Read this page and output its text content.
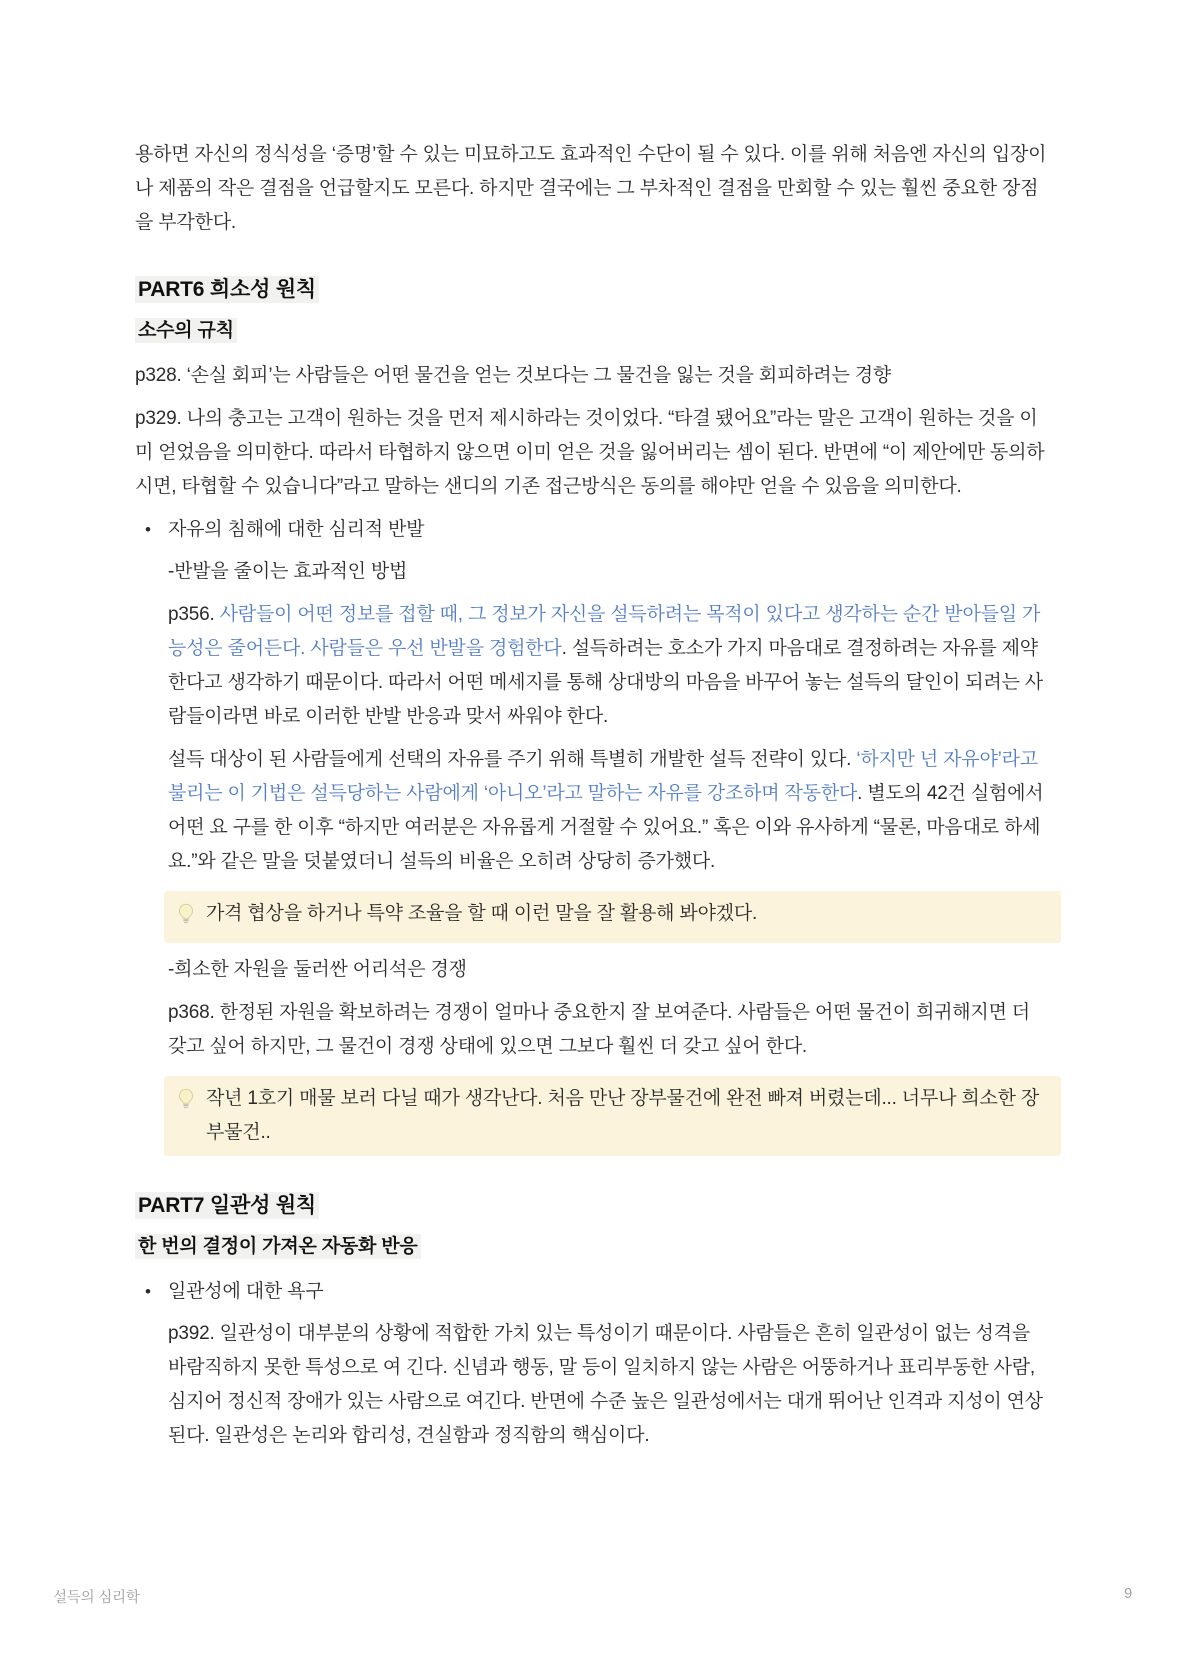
용하면 자신의 정식성을 ‘증명’할 수 있는 미묘하고도 효과적인 수단이 될 수 있다. 이를 위해 처음엔 자신의 입장이나 제품의 작은 결점을 언급할지도 모른다. 하지만 결국에는 그 부차적인 결점을 만회할 수 있는 훨씬 중요한 장점을 부각한다.

PART6 희소성 원칙
소수의 규칙

p328. ‘손실 회피’는 사람들은 어떤 물건을 얻는 것보다는 그 물건을 잃는 것을 회피하려는 경향

p329. 나의 충고는 고객이 원하는 것을 먼저 제시하라는 것이었다. “타결 됐어요”라는 말은 고객이 원하는 것을 이미 얻었음을 의미한다. 따라서 타협하지 않으면 이미 얻은 것을 잃어버리는 셈이 된다. 반면에 “이 제안에만 동의하시면, 타협할 수 있습니다”라고 말하는 샌디의 기존 접근방식은 동의를 해야만 얻을 수 있음을 의미한다.

• 자유의 침해에 대한 심리적 반발

-반발을 줄이는 효과적인 방법

p356. 사람들이 어떤 정보를 접할 때, 그 정보가 자신을 설득하려는 목적이 있다고 생각하는 순간 받아들일 가능성은 줄어든다. 사람들은 우선 반발을 경험한다. 설득하려는 호소가 가지 마음대로 결정하려는 자유를 제약한다고 생각하기 때문이다. 따라서 어떤 메세지를 통해 상대방의 마음을 바꾸어 놓는 설득의 달인이 되려는 사람들이라면 바로 이러한 반발 반응과 맞서 싸워야 한다.

설득 대상이 된 사람들에게 선택의 자유를 주기 위해 특별히 개발한 설득 전략이 있다. ‘하지만 넌 자유야’라고 불리는 이 기법은 설득당하는 사람에게 ‘아니오’라고 말하는 자유를 강조하며 작동한다. 별도의 42건 실험에서 어떤 요 구를 한 이후 “하지만 여러분은 자유롭게 거절할 수 있어요.” 혹은 이와 유사하게 “물론, 마음대로 하세요.”와 같은 말을 덧붙였더니 설득의 비율은 오히려 상당히 증가했다.

가격 협상을 하거나 특약 조율을 할 때 이런 말을 잘 활용해 봐야겠다.

-희소한 자원을 둘러싼 어리석은 경쟁

p368. 한정된 자원을 확보하려는 경쟁이 얼마나 중요한지 잘 보여준다. 사람들은 어떤 물건이 희귀해지면 더 갖고 싶어 하지만, 그 물건이 경쟁 상태에 있으면 그보다 훨씬 더 갖고 싶어 한다.

작년 1호기 매물 보러 다닐 때가 생각난다. 처음 만난 장부물건에 완전 빠져 버렸는데... 너무나 희소한 장부물건..
PART7 일관성 원칙
한 번의 결정이 가져온 자동화 반응
• 일관성에 대한 욕구

p392. 일관성이 대부분의 상황에 적합한 가치 있는 특성이기 때문이다. 사람들은 흔히 일관성이 없는 성격을 바람직하지 못한 특성으로 여 긴다. 신념과 행동, 말 등이 일치하지 않는 사람은 어뚱하거나 표리부동한 사람, 심지어 정신적 장애가 있는 사람으로 여긴다. 반면에 수준 높은 일관성에서는 대개 뛰어난 인격과 지성이 연상된다. 일관성은 논리와 합리성, 견실함과 정직함의 핵심이다.

설득의 심리학	9
